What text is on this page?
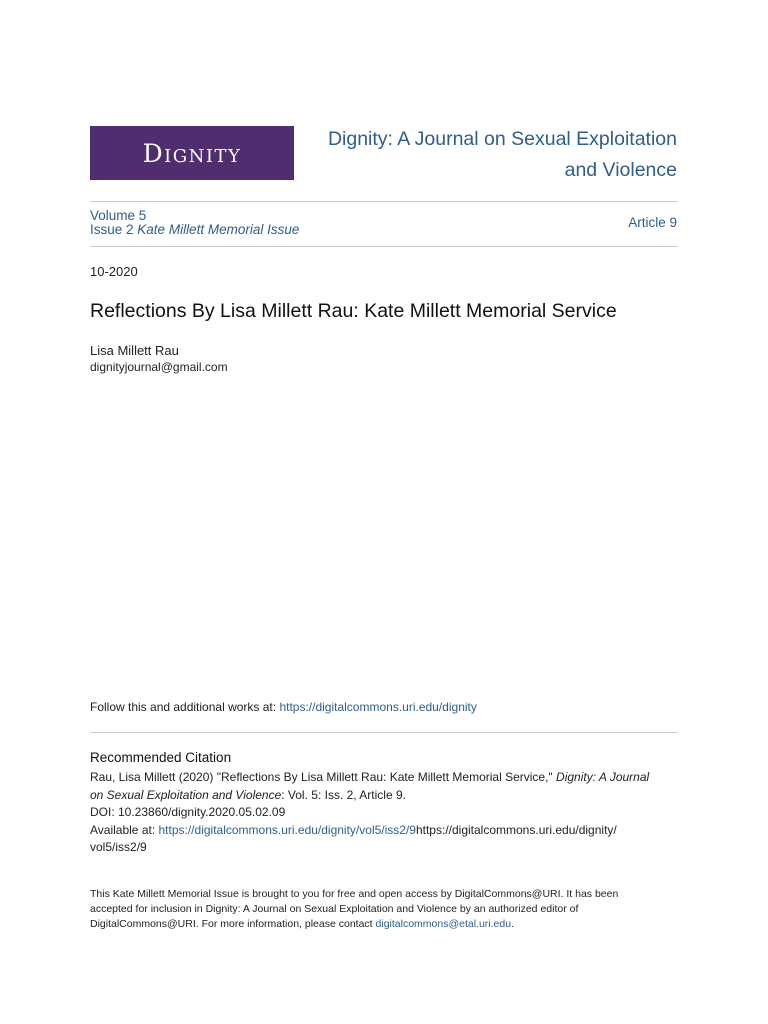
Dignity	Dignity: A Journal on Sexual Exploitation
and Violence
Volume 5
Issue 2 Kate Millett Memorial Issue	Article 9
10-2020
Reflections By Lisa Millett Rau: Kate Millett Memorial Service
Lisa Millett Rau
dignityjournal@gmail.com
Follow this and additional works at: https://digitalcommons.uri.edu/dignity
Recommended Citation
Rau, Lisa Millett (2020) "Reflections By Lisa Millett Rau: Kate Millett Memorial Service," Dignity: A Journal
on Sexual Exploitation and Violence: Vol. 5: Iss. 2, Article 9.
DOI: 10.23860/dignity.2020.05.02.09
Available at: https://digitalcommons.uri.edu/dignity/vol5/iss2/9https://digitalcommons.uri.edu/dignity/
vol5/iss2/9
This Kate Millett Memorial Issue is brought to you for free and open access by DigitalCommons@URI. It has been
accepted for inclusion in Dignity: A Journal on Sexual Exploitation and Violence by an authorized editor of
DigitalCommons@URI. For more information, please contact digitalcommons@etal.uri.edu.
